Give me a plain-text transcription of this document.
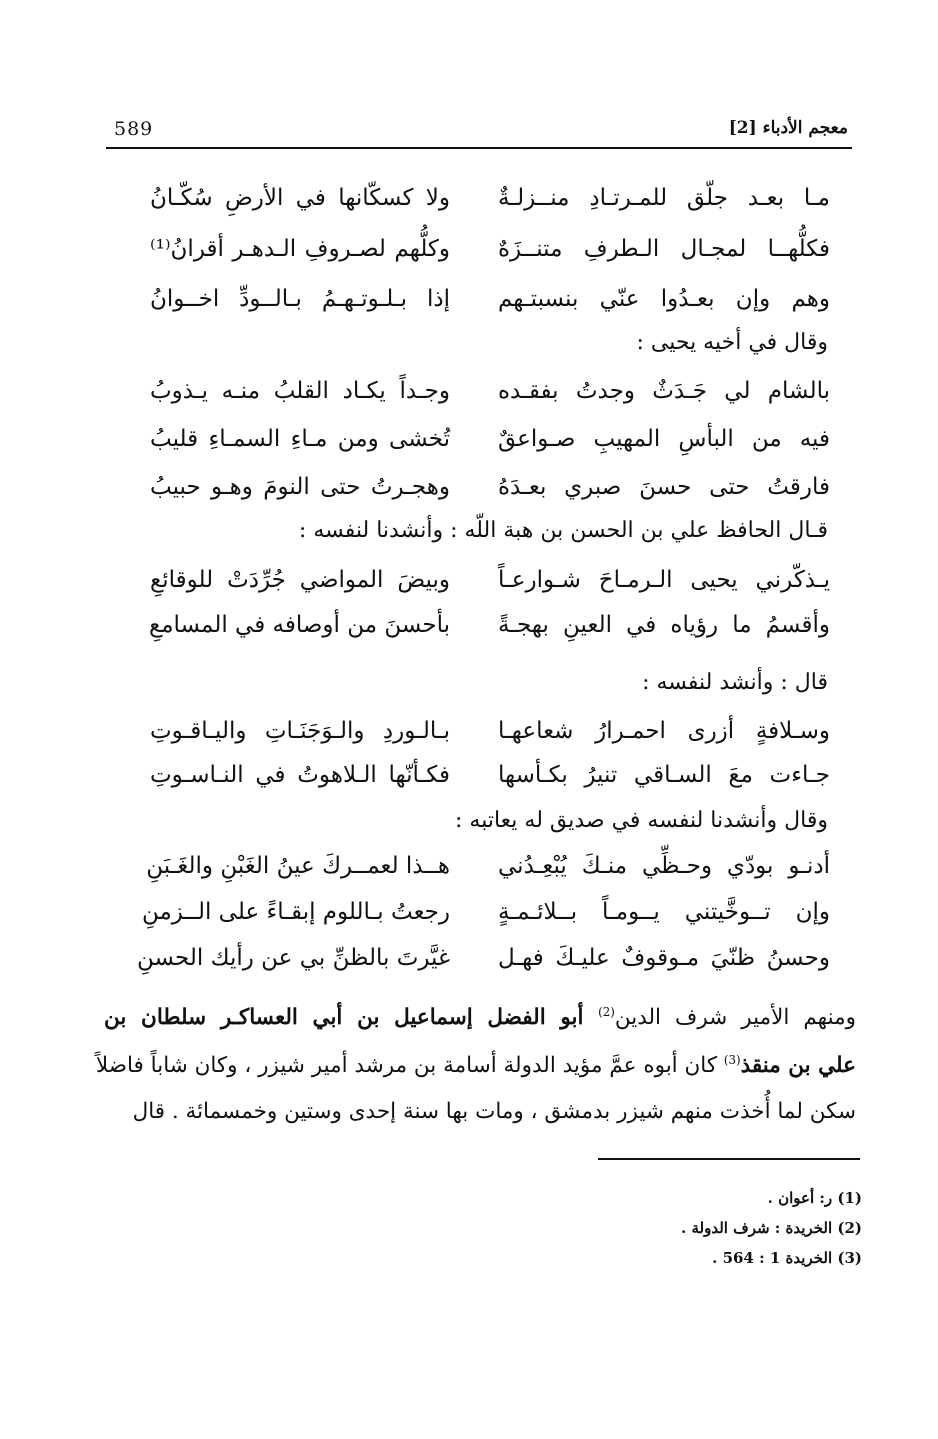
589	معجم الأدباء [2]
مـا بعـد جلّق للمـرتـادِ منــزلـةٌ
ولا كسكّانها في الأرضِ سُكّـانُ
فكلُّهــا لمجـال الـطرفِ متنــزَهٌ
وكلُّهم لصـروفِ الـدهـر أقرانُ⁽¹⁾
وهم وإن بعـدُوا عنّي بنسبتـهم
إذا بـلـوتـهـمُ بـالــودِّ اخــوانُ
وقال في أخيه يحيى :
بالشام لي جَـدَثٌ وجدتُ بفقـده
وجـداً يكـاد القلبُ منـه يـذوبُ
فيه من البأسِ المهيبِ صـواعقٌ
تُخشى ومن مـاءِ السمـاءِ قليبُ
فارقتُ حتى حسنَ صبري بعـدَهُ
وهجـرتُ حتى النومَ وهـو حبيبُ
قـال الحافظ علي بن الحسن بن هبة اللّه : وأنشدنا لنفسه :
يـذكّرني يحيى الـرمـاحَ شـوارعـاً
وبيضَ المواضي جُرِّدَتْ للوقائعِ
وأقسمُ ما رؤياه في العينِ بهجـةً
بأحسنَ من أوصافه في المسامعِ
قال : وأنشد لنفسه :
وسـلافةٍ أزرى احمـرارُ شعاعهـا
بـالـوردِ والـوَجَنَـاتِ واليـاقـوتِ
جـاءت معَ السـاقي تنيرُ بكـأسها
فكـأنّها الـلاهوتُ في النـاسـوتِ
وقال وأنشدنا لنفسه في صديق له يعاتبه :
أدنـو بودّي وحـظِّي منـكَ يُبْعِـدُني
هــذا لعمــركَ عينُ الغَبْنِ والغَـبَنِ
وإن تــوخَّيتني يــومـاً بــلائـمـةٍ
رجعتُ بـاللوم إبقـاءً على الــزمنِ
وحسنُ ظنّيَ مـوقوفٌ عليـكَ فهـل
غيَّرتَ بالظنِّ بي عن رأيك الحسنِ
ومنهم الأمير شرف الدين$^{(2)}$ أبو الفضل إسماعيل بن أبي العساكـر سلطان بن
علي بن منقذ$^{(3)}$ كان أبوه عمَّ مؤيد الدولة أسامة بن مرشد أمير شيزر ، وكان شاباً فاضلاً
سكن لما أُخذت منهم شيزر بدمشق ، ومات بها سنة إحدى وستين وخمسمائة . قال
(1) ر: أعوان .
(2) الخريدة : شرف الدولة .
(3) الخريدة 1 : 564 .
